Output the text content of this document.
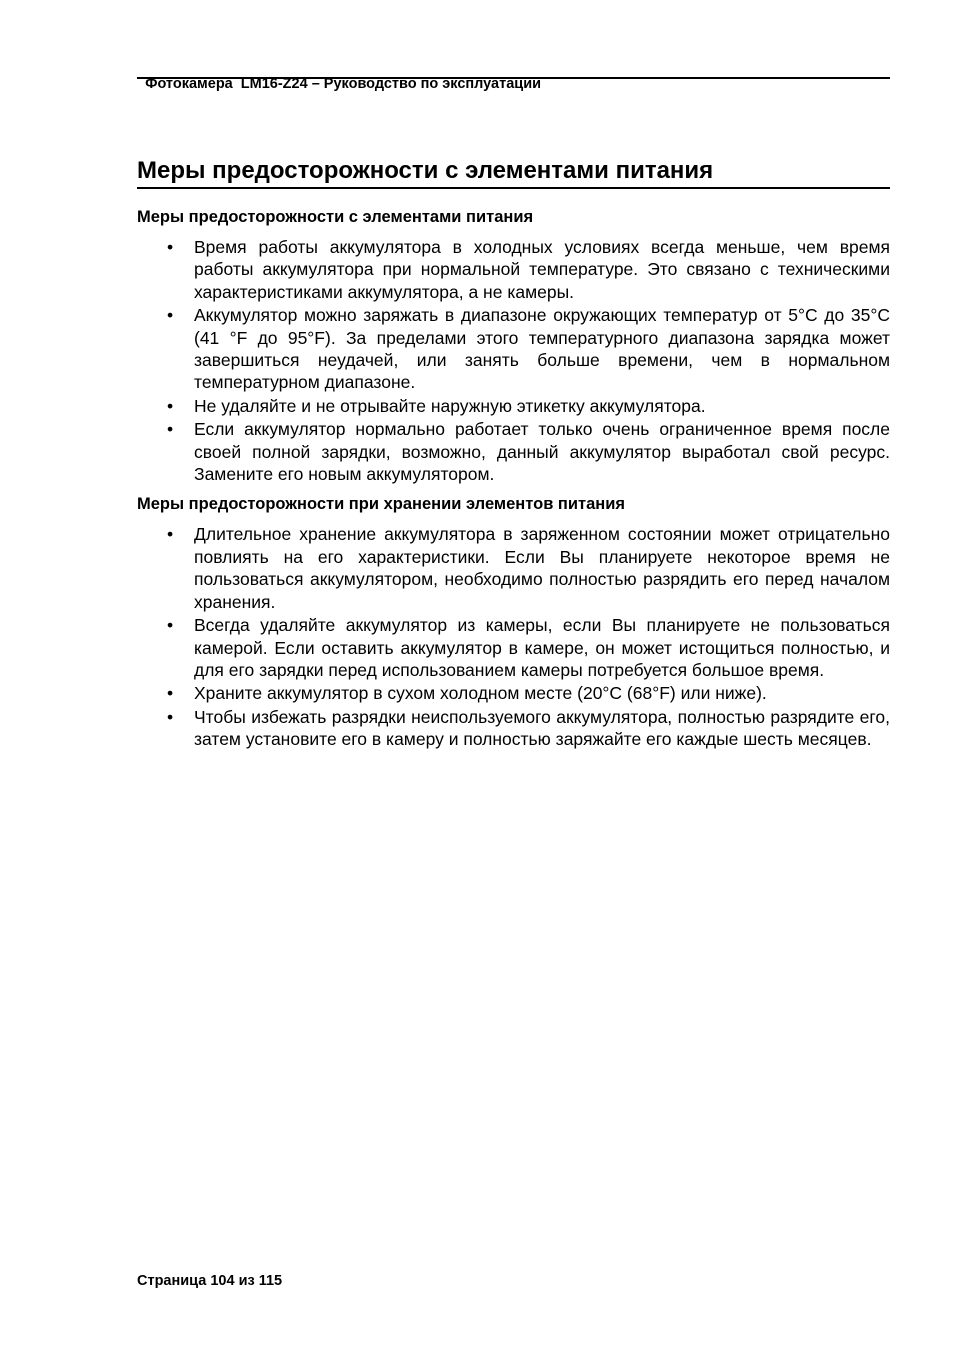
Фотокамера  LM16-Z24 – Руководство по эксплуатации

Меры предосторожности с элементами питания
Меры предосторожности с элементами питания
• Время работы аккумулятора в холодных условиях всегда меньше, чем время работы аккумулятора при нормальной температуре. Это связано с техническими характеристиками аккумулятора, а не камеры.
• Аккумулятор можно заряжать в диапазоне окружающих температур от 5°C до 35°C (41 °F до 95°F). За пределами этого температурного диапазона зарядка может завершиться неудачей, или занять больше времени, чем в нормальном температурном диапазоне.
• Не удаляйте и не отрывайте наружную этикетку аккумулятора.
• Если аккумулятор нормально работает только очень ограниченное время после своей полной зарядки, возможно, данный аккумулятор выработал свой ресурс. Замените его новым аккумулятором.
Меры предосторожности при хранении элементов питания
• Длительное хранение аккумулятора в заряженном состоянии может отрицательно повлиять на его характеристики. Если Вы планируете некоторое время не пользоваться аккумулятором, необходимо полностью разрядить его перед началом хранения.
• Всегда удаляйте аккумулятор из камеры, если Вы планируете не пользоваться камерой. Если оставить аккумулятор в камере, он может истощиться полностью, и для его зарядки перед использованием камеры потребуется большое время.
• Храните аккумулятор в сухом холодном месте (20°C (68°F) или ниже).
• Чтобы избежать разрядки неиспользуемого аккумулятора, полностью разрядите его, затем установите его в камеру и полностью заряжайте его каждые шесть месяцев.
Страница 104 из 115
